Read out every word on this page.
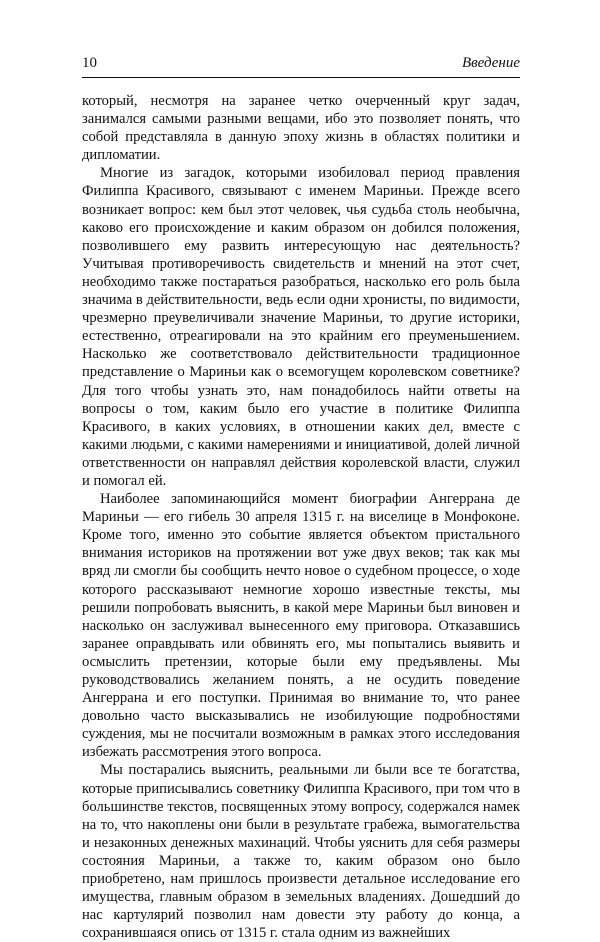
10	Введение

который, несмотря на заранее четко очерченный круг задач, занимался самыми разными вещами, ибо это позволяет понять, что собой представляла в данную эпоху жизнь в областях политики и дипломатии.

Многие из загадок, которыми изобиловал период правления Филиппа Красивого, связывают с именем Мариньи. Прежде всего возникает вопрос: кем был этот человек, чья судьба столь необычна, каково его происхождение и каким образом он добился положения, позволившего ему развить интересующую нас деятельность? Учитывая противоречивость свидетельств и мнений на этот счет, необходимо также постараться разобраться, насколько его роль была значима в действительности, ведь если одни хронисты, по видимости, чрезмерно преувеличивали значение Мариньи, то другие историки, естественно, отреагировали на это крайним его преуменьшением. Насколько же соответствовало действительности традиционное представление о Мариньи как о всемогущем королевском советнике? Для того чтобы узнать это, нам понадобилось найти ответы на вопросы о том, каким было его участие в политике Филиппа Красивого, в каких условиях, в отношении каких дел, вместе с какими людьми, с какими намерениями и инициативой, долей личной ответственности он направлял действия королевской власти, служил и помогал ей.

Наиболее запоминающийся момент биографии Ангеррана де Мариньи — его гибель 30 апреля 1315 г. на виселице в Монфоконе. Кроме того, именно это событие является объектом пристального внимания историков на протяжении вот уже двух веков; так как мы вряд ли смогли бы сообщить нечто новое о судебном процессе, о ходе которого рассказывают немногие хорошо известные тексты, мы решили попробовать выяснить, в какой мере Мариньи был виновен и насколько он заслуживал вынесенного ему приговора. Отказавшись заранее оправдывать или обвинять его, мы попытались выявить и осмыслить претензии, которые были ему предъявлены. Мы руководствовались желанием понять, а не осудить поведение Ангеррана и его поступки. Принимая во внимание то, что ранее довольно часто высказывались не изобилующие подробностями суждения, мы не посчитали возможным в рамках этого исследования избежать рассмотрения этого вопроса.

Мы постарались выяснить, реальными ли были все те богатства, которые приписывались советнику Филиппа Красивого, при том что в большинстве текстов, посвященных этому вопросу, содержался намек на то, что накоплены они были в результате грабежа, вымогательства и незаконных денежных махинаций. Чтобы уяснить для себя размеры состояния Мариньи, а также то, каким образом оно было приобретено, нам пришлось произвести детальное исследование его имущества, главным образом в земельных владениях. Дошедший до нас картулярий позволил нам довести эту работу до конца, а сохранившаяся опись от 1315 г. стала одним из важнейших
